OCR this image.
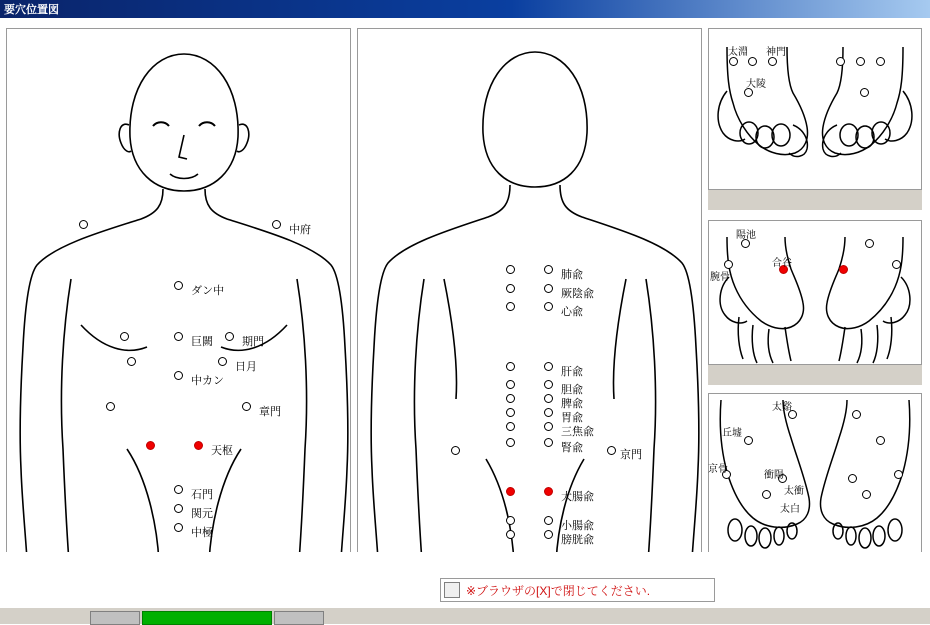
要穴位置図
中府
ダン中
巨闕	期門
日月
中カン
章門
天枢
石門
関元
中極
肺兪
厥陰兪
心兪
肝兪
胆兪
脾兪
胃兪
三焦兪
腎兪
京門
大腸兪
小腸兪
膀胱兪
太淵 神門
大陵
陽池
合谷
腕骨
太谿
丘墟
京骨
衝陽
太衝
太白
※ブラウザの[X]で閉じてください.
